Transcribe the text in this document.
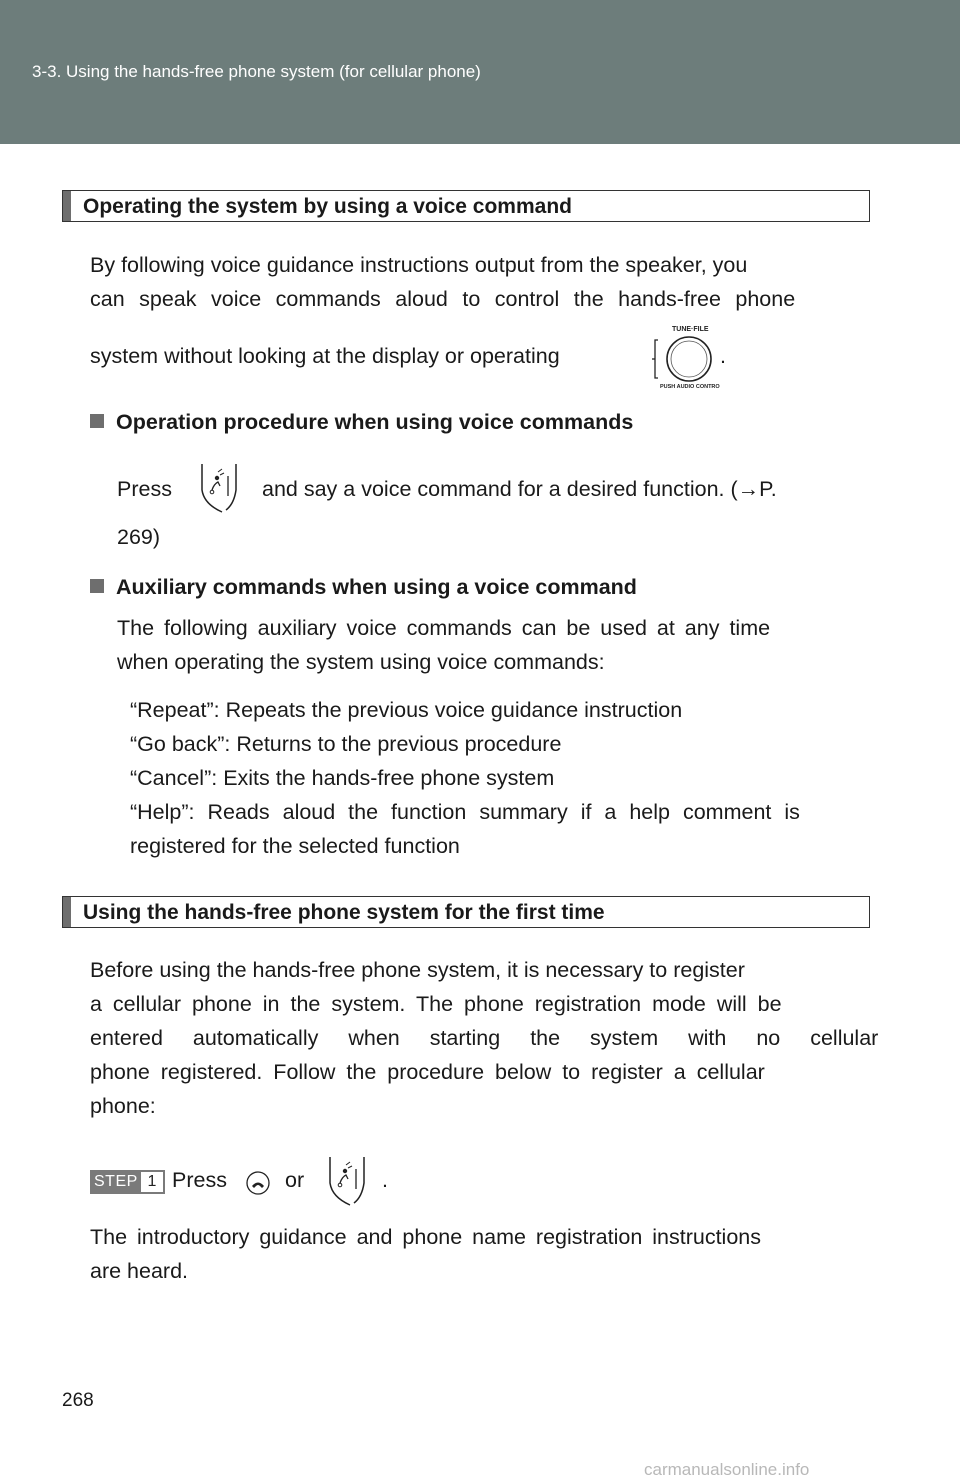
3-3. Using the hands-free phone system (for cellular phone)
Operating the system by using a voice command
By following voice guidance instructions output from the speaker, you
can speak voice commands aloud to control the hands-free phone
system without looking at the display or operating
TUNE·FILE
PUSH AUDIO CONTROL
.
Operation procedure when using voice commands
Press	and say a voice command for a desired function. (→P.
269)
Auxiliary commands when using a voice command
The following auxiliary voice commands can be used at any time
when operating the system using voice commands:
“Repeat”: Repeats the previous voice guidance instruction
“Go back”: Returns to the previous procedure
“Cancel”: Exits the hands-free phone system
“Help”: Reads aloud the function summary if a help comment is
registered for the selected function
Using the hands-free phone system for the first time
Before using the hands-free phone system, it is necessary to register
a cellular phone in the system. The phone registration mode will be
entered automatically when starting the system with no cellular
phone registered. Follow the procedure below to register a cellular
phone:
STEP 1 Press	or	.
The introductory guidance and phone name registration instructions
are heard.
268
carmanualsonline.info
